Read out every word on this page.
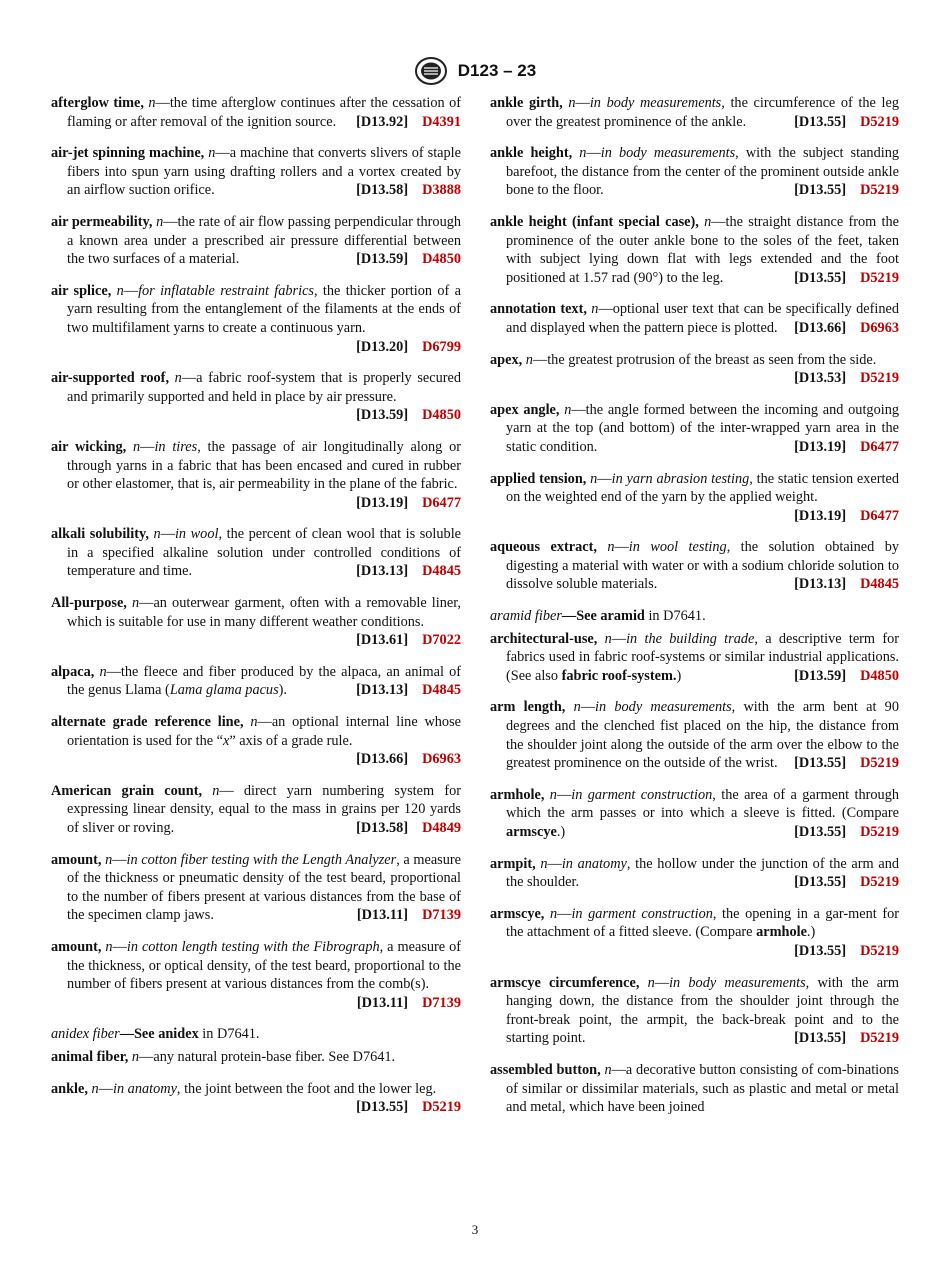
D123 – 23
afterglow time, n—the time afterglow continues after the cessation of flaming or after removal of the ignition source. [D13.92] D4391
air-jet spinning machine, n—a machine that converts slivers of staple fibers into spun yarn using drafting rollers and a vortex created by an airflow suction orifice.	[D13.58] D3888
air permeability, n—the rate of air flow passing perpendicular through a known area under a prescribed air pressure differential between the two surfaces of a material.	[D13.59] D4850
air splice, n—for inflatable restraint fabrics, the thicker portion of a yarn resulting from the entanglement of the filaments at the ends of two multifilament yarns to create a continuous yarn.
[D13.20] D6799
air-supported roof, n—a fabric roof-system that is properly secured and primarily supported and held in place by air pressure.
[D13.59] D4850
air wicking, n—in tires, the passage of air longitudinally along or through yarns in a fabric that has been encased and cured in rubber or other elastomer, that is, air permeability in the plane of the fabric.
[D13.19] D6477
alkali solubility, n—in wool, the percent of clean wool that is soluble in a specified alkaline solution under controlled conditions of temperature and time.	[D13.13] D4845
All-purpose, n—an outerwear garment, often with a removable liner, which is suitable for use in many different weather conditions.
[D13.61] D7022
alpaca, n—the fleece and fiber produced by the alpaca, an animal of the genus Llama (Lama glama pacus).	[D13.13] D4845
alternate grade reference line, n—an optional internal line whose orientation is used for the “x” axis of a grade rule.
[D13.66] D6963
American grain count, n— direct yarn numbering system for expressing linear density, equal to the mass in grains per 120 yards of sliver or roving.	[D13.58] D4849
amount, n—in cotton fiber testing with the Length Analyzer, a measure of the thickness or pneumatic density of the test beard, proportional to the number of fibers present at various distances from the base of the specimen clamp jaws.	[D13.11] D7139
amount, n—in cotton length testing with the Fibrograph, a measure of the thickness, or optical density, of the test beard, proportional to the number of fibers present at various distances from the comb(s).
[D13.11] D7139
anidex fiber—See anidex in D7641.
animal fiber, n—any natural protein-base fiber. See D7641.
ankle, n—in anatomy, the joint between the foot and the lower leg.
[D13.55] D5219
ankle girth, n—in body measurements, the circumference of the leg over the greatest prominence of the ankle.	[D13.55] D5219
ankle height, n—in body measurements, with the subject standing barefoot, the distance from the center of the prominent outside ankle bone to the floor.	[D13.55] D5219
ankle height (infant special case), n—the straight distance from the prominence of the outer ankle bone to the soles of the feet, taken with subject lying down flat with legs extended and the foot positioned at 1.57 rad (90°) to the leg.	[D13.55] D5219
annotation text, n—optional user text that can be specifically defined and displayed when the pattern piece is plotted. [D13.66] D6963
apex, n—the greatest protrusion of the breast as seen from the side.
[D13.53] D5219
apex angle, n—the angle formed between the incoming and outgoing yarn at the top (and bottom) of the inter-wrapped yarn area in the static condition.	[D13.19] D6477
applied tension, n—in yarn abrasion testing, the static tension exerted on the weighted end of the yarn by the applied weight.
[D13.19] D6477
aqueous extract, n—in wool testing, the solution obtained by digesting a material with water or with a sodium chloride solution to dissolve soluble materials.	[D13.13] D4845
aramid fiber—See aramid in D7641.
architectural-use, n—in the building trade, a descriptive term for fabrics used in fabric roof-systems or similar industrial applications. (See also fabric roof-system.)	[D13.59] D4850
arm length, n—in body measurements, with the arm bent at 90 degrees and the clenched fist placed on the hip, the distance from the shoulder joint along the outside of the arm over the elbow to the greatest prominence on the outside of the wrist. [D13.55] D5219
armhole, n—in garment construction, the area of a garment through which the arm passes or into which a sleeve is fitted. (Compare armscye.)	[D13.55] D5219
armpit, n—in anatomy, the hollow under the junction of the arm and the shoulder.	[D13.55] D5219
armscye, n—in garment construction, the opening in a gar-ment for the attachment of a fitted sleeve. (Compare armhole.)
[D13.55] D5219
armscye circumference, n—in body measurements, with the arm hanging down, the distance from the shoulder joint through the front-break point, the armpit, the back-break point and to the starting point.	[D13.55] D5219
assembled button, n—a decorative button consisting of com-binations of similar or dissimilar materials, such as plastic and metal or metal and metal, which have been joined
3
